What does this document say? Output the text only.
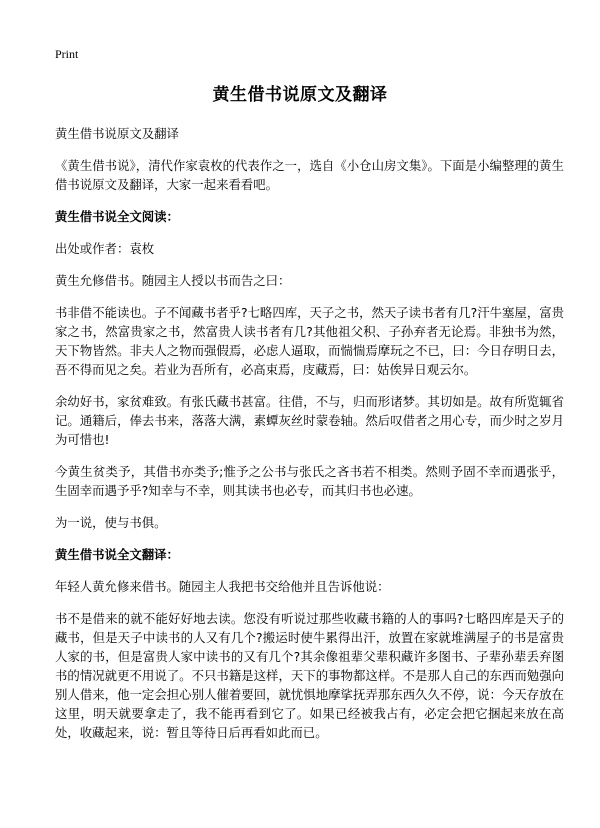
Print
黄生借书说原文及翻译

黄生借书说原文及翻译

《黄生借书说》，清代作家袁枚的代表作之一，选自《小仓山房文集》。下面是小编整理的黄生借书说原文及翻译，大家一起来看看吧。

黄生借书说全文阅读：

出处或作者：袁枚

黄生允修借书。随园主人授以书而告之曰：

书非借不能读也。子不闻藏书者乎?七略四库，天子之书，然天子读书者有几?汗牛塞屋，富贵家之书，然富贵家之书，然富贵人读书者有几?其他祖父积、子孙弃者无论焉。非独书为然，天下物皆然。非夫人之物而强假焉，必虑人逼取，而惴惴焉摩玩之不已，曰：今日存明日去，吾不得而见之矣。若业为吾所有，必高束焉，庋藏焉，曰：姑俟异日观云尔。

余幼好书，家贫难致。有张氏藏书甚富。往借，不与，归而形诸梦。其切如是。故有所览辄省记。通籍后，俸去书来，落落大满，素蟫灰丝时蒙卷轴。然后叹借者之用心专，而少时之岁月为可惜也!

今黄生贫类予，其借书亦类予;惟予之公书与张氏之吝书若不相类。然则予固不幸而遇张乎，生固幸而遇予乎?知幸与不幸，则其读书也必专，而其归书也必速。

为一说，使与书俱。

黄生借书说全文翻译：

年轻人黄允修来借书。随园主人我把书交给他并且告诉他说：

书不是借来的就不能好好地去读。您没有听说过那些收藏书籍的人的事吗?七略四库是天子的藏书，但是天子中读书的人又有几个?搬运时使牛累得出汗，放置在家就堆满屋子的书是富贵人家的书，但是富贵人家中读书的又有几个?其余像祖辈父辈积藏许多图书、子辈孙辈丢弃图书的情况就更不用说了。不只书籍是这样，天下的事物都这样。不是那人自己的东西而勉强向别人借来，他一定会担心别人催着要回，就忧惧地摩挲抚弄那东西久久不停，说：今天存放在这里，明天就要拿走了，我不能再看到它了。如果已经被我占有，必定会把它捆起来放在高处，收藏起来，说：暂且等待日后再看如此而已。
